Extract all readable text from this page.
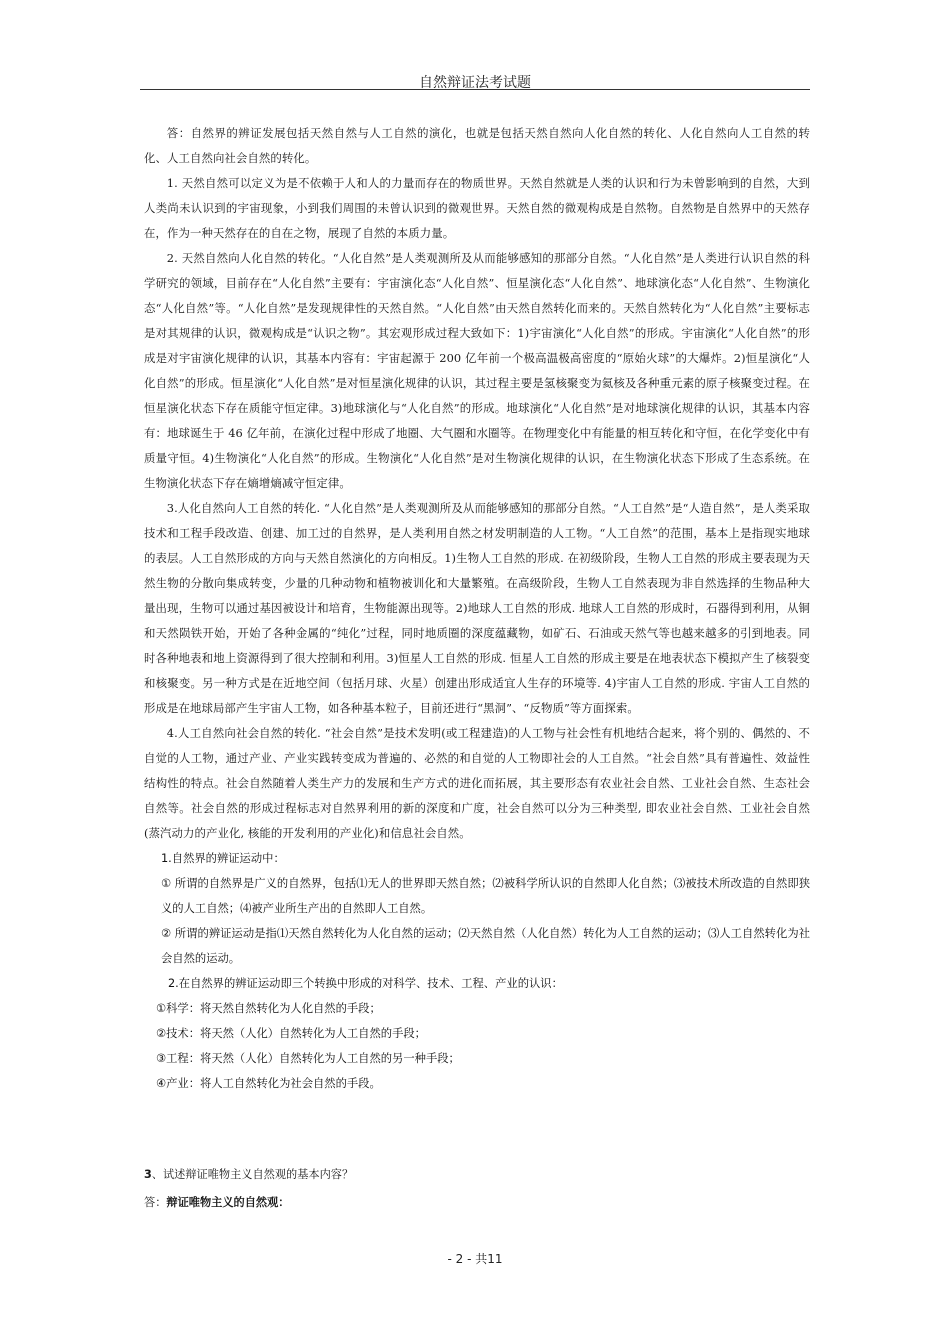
自然辩证法考试题

答：自然界的辨证发展包括天然自然与人工自然的演化，也就是包括天然自然向人化自然的转化、人化自然向人工自然的转化、人工自然向社会自然的转化。

1. 天然自然可以定义为是不依赖于人和人的力量而存在的物质世界。天然自然就是人类的认识和行为未曾影响到的自然，大到人类尚未认识到的宇宙现象，小到我们周围的未曾认识到的微观世界。天然自然的微观构成是自然物。自然物是自然界中的天然存在，作为一种天然存在的自在之物，展现了自然的本质力量。

2. 天然自然向人化自然的转化。“人化自然”是人类观测所及从而能够感知的那部分自然。“人化自然”是人类进行认识自然的科学研究的领域，目前存在“人化自然”主要有：宇宙演化态“人化自然”、恒星演化态“人化自然”、地球演化态“人化自然”、生物演化态“人化自然”等。“人化自然”是发现规律性的天然自然。“人化自然”由天然自然转化而来的。天然自然转化为“人化自然”主要标志是对其规律的认识，微观构成是“认识之物”。其宏观形成过程大致如下：1)宇宙演化“人化自然”的形成。宇宙演化“人化自然”的形成是对宇宙演化规律的认识，其基本内容有：宇宙起源于 200 亿年前一个极高温极高密度的“原始火球”的大爆炸。2)恒星演化“人化自然”的形成。恒星演化“人化自然”是对恒星演化规律的认识，其过程主要是氢核聚变为氦核及各种重元素的原子核聚变过程。在恒星演化状态下存在质能守恒定律。3)地球演化与“人化自然”的形成。地球演化“人化自然”是对地球演化规律的认识，其基本内容有：地球诞生于 46 亿年前，在演化过程中形成了地圈、大气圈和水圈等。在物理变化中有能量的相互转化和守恒，在化学变化中有质量守恒。4)生物演化“人化自然”的形成。生物演化“人化自然”是对生物演化规律的认识，在生物演化状态下形成了生态系统。在生物演化状态下存在熵增熵减守恒定律。

3.人化自然向人工自然的转化. “人化自然”是人类观测所及从而能够感知的那部分自然。“人工自然”是“人造自然”，是人类采取技术和工程手段改造、创建、加工过的自然界，是人类利用自然之材发明制造的人工物。“人工自然”的范围，基本上是指现实地球的表层。人工自然形成的方向与天然自然演化的方向相反。1)生物人工自然的形成. 在初级阶段，生物人工自然的形成主要表现为天然生物的分散向集成转变，少量的几种动物和植物被训化和大量繁殖。在高级阶段，生物人工自然表现为非自然选择的生物品种大量出现，生物可以通过基因被设计和培育，生物能源出现等。2)地球人工自然的形成. 地球人工自然的形成时，石器得到利用，从铜和天然陨铁开始，开始了各种金属的“纯化”过程，同时地质圈的深度蕴藏物，如矿石、石油或天然气等也越来越多的引到地表。同时各种地表和地上资源得到了很大控制和利用。3)恒星人工自然的形成. 恒星人工自然的形成主要是在地表状态下模拟产生了核裂变和核聚变。另一种方式是在近地空间（包括月球、火星）创建出形成适宜人生存的环境等. 4)宇宙人工自然的形成. 宇宙人工自然的形成是在地球局部产生宇宙人工物，如各种基本粒子，目前还进行“黑洞”、“反物质”等方面探索。

4.人工自然向社会自然的转化. “社会自然”是技术发明(或工程建造)的人工物与社会性有机地结合起来，将个别的、偶然的、不自觉的人工物，通过产业、产业实践转变成为普遍的、必然的和自觉的人工物即社会的人工自然。“社会自然”具有普遍性、效益性结构性的特点。社会自然随着人类生产力的发展和生产方式的进化而拓展，其主要形态有农业社会自然、工业社会自然、生态社会自然等。社会自然的形成过程标志对自然界利用的新的深度和广度，社会自然可以分为三种类型, 即农业社会自然、工业社会自然(蒸汽动力的产业化, 核能的开发利用的产业化)和信息社会自然。

1.自然界的辨证运动中：

① 所谓的自然界是广义的自然界，包括⑴无人的世界即天然自然；⑵被科学所认识的自然即人化自然；⑶被技术所改造的自然即狭义的人工自然；⑷被产业所生产出的自然即人工自然。

② 所谓的辨证运动是指⑴天然自然转化为人化自然的运动；⑵天然自然（人化自然）转化为人工自然的运动；⑶人工自然转化为社会自然的运动。

2.在自然界的辨证运动即三个转换中形成的对科学、技术、工程、产业的认识：

①科学：将天然自然转化为人化自然的手段；

②技术：将天然（人化）自然转化为人工自然的手段；

③工程：将天然（人化）自然转化为人工自然的另一种手段；

④产业：将人工自然转化为社会自然的手段。

3、试述辩证唯物主义自然观的基本内容？
答：辩证唯物主义的自然观：
- 2 - 共11
